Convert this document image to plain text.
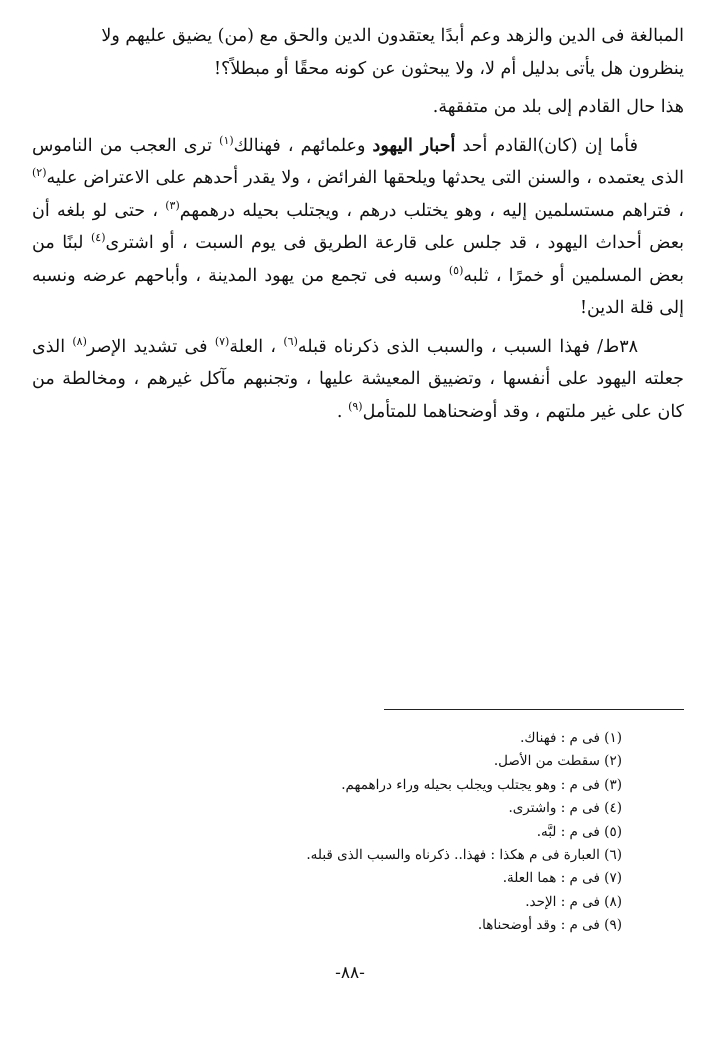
المبالغة فى الدين والزهد وعم أبدًا يعتقدون الدين والحق مع (من) يضيق عليهم ولا
ينظرون هل يأتى بدليل أم لا، ولا يبحثون عن كونه محقًا أو مبطلاً؟!

هذا حال القادم إلى بلد من متفقهة.

فأما إن (كان)القادم أحد أحبار اليهود وعلمائهم ، فهنالك$^{(١)}$ ترى العجب من الناموس الذى يعتمده ، والسنن التى يحدثها ويلحقها الفرائض ، ولا يقدر أحدهم على الاعتراض عليه$^{(٢)}$ ، فتراهم مستسلمين إليه ، وهو يختلب درهم ، ويجتلب بحيله درهمهم$^{(٣)}$ ، حتى لو بلغه أن بعض أحداث اليهود ، قد جلس على قارعة الطريق فى يوم السبت ، أو اشترى$^{(٤)}$ لبنًا من بعض المسلمين أو خمرًا ، ثلبه$^{(٥)}$ وسبه فى تجمع من يهود المدينة ، وأباحهم عرضه ونسبه إلى قلة الدين!

٣٨ط/ فهذا السبب ، والسبب الذى ذكرناه قبله$^{(٦)}$ ، العلة$^{(٧)}$ فى تشديد الإصر$^{(٨)}$ الذى جعلته اليهود على أنفسها ، وتضييق المعيشة عليها ، وتجنبهم مآكل غيرهم ، ومخالطة من كان على غير ملتهم ، وقد أوضحناهما للمتأمل$^{(٩)}$ .

(١) فى م : فهناك.
(٢) سقطت من الأصل.
(٣) فى م : وهو يجتلب ويجلب بحيله وراء دراهمهم.
(٤) فى م : واشترى.
(٥) فى م : لبَّه.
(٦) العبارة فى م هكذا : فهذا.. ذكرناه والسبب الذى قبله.
(٧) فى م : هما العلة.
(٨) فى م : الإحد.
(٩) فى م : وقد أوضحناها.
-٨٨-
